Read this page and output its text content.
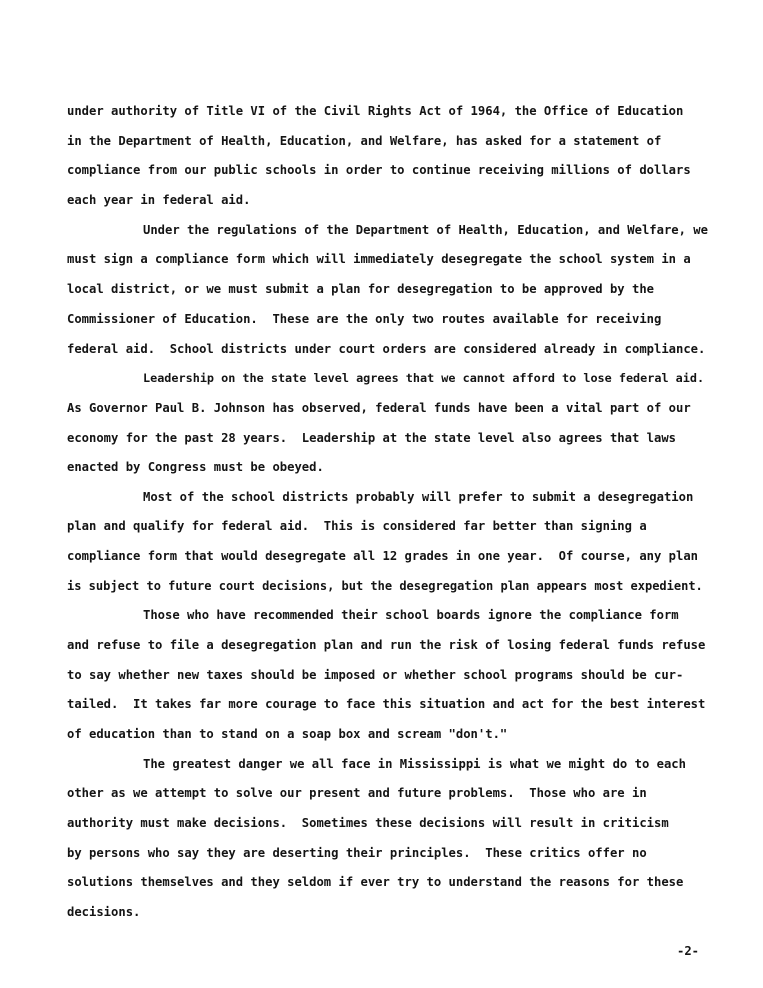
under authority of Title VI of the Civil Rights Act of 1964, the Office of Education
in the Department of Health, Education, and Welfare, has asked for a statement of
compliance from our public schools in order to continue receiving millions of dollars
each year in federal aid.
Under the regulations of the Department of Health, Education, and Welfare, we
must sign a compliance form which will immediately desegregate the school system in a
local district, or we must submit a plan for desegregation to be approved by the
Commissioner of Education.  These are the only two routes available for receiving
federal aid.  School districts under court orders are considered already in compliance.
Leadership on the state level agrees that we cannot afford to lose federal aid.
As Governor Paul B. Johnson has observed, federal funds have been a vital part of our
economy for the past 28 years.  Leadership at the state level also agrees that laws
enacted by Congress must be obeyed.
Most of the school districts probably will prefer to submit a desegregation
plan and qualify for federal aid.  This is considered far better than signing a
compliance form that would desegregate all 12 grades in one year.  Of course, any plan
is subject to future court decisions, but the desegregation plan appears most expedient.
Those who have recommended their school boards ignore the compliance form
and refuse to file a desegregation plan and run the risk of losing federal funds refuse
to say whether new taxes should be imposed or whether school programs should be cur-
tailed.  It takes far more courage to face this situation and act for the best interest
of education than to stand on a soap box and scream "don't."
The greatest danger we all face in Mississippi is what we might do to each
other as we attempt to solve our present and future problems.  Those who are in
authority must make decisions.  Sometimes these decisions will result in criticism
by persons who say they are deserting their principles.  These critics offer no
solutions themselves and they seldom if ever try to understand the reasons for these
decisions.
-2-
